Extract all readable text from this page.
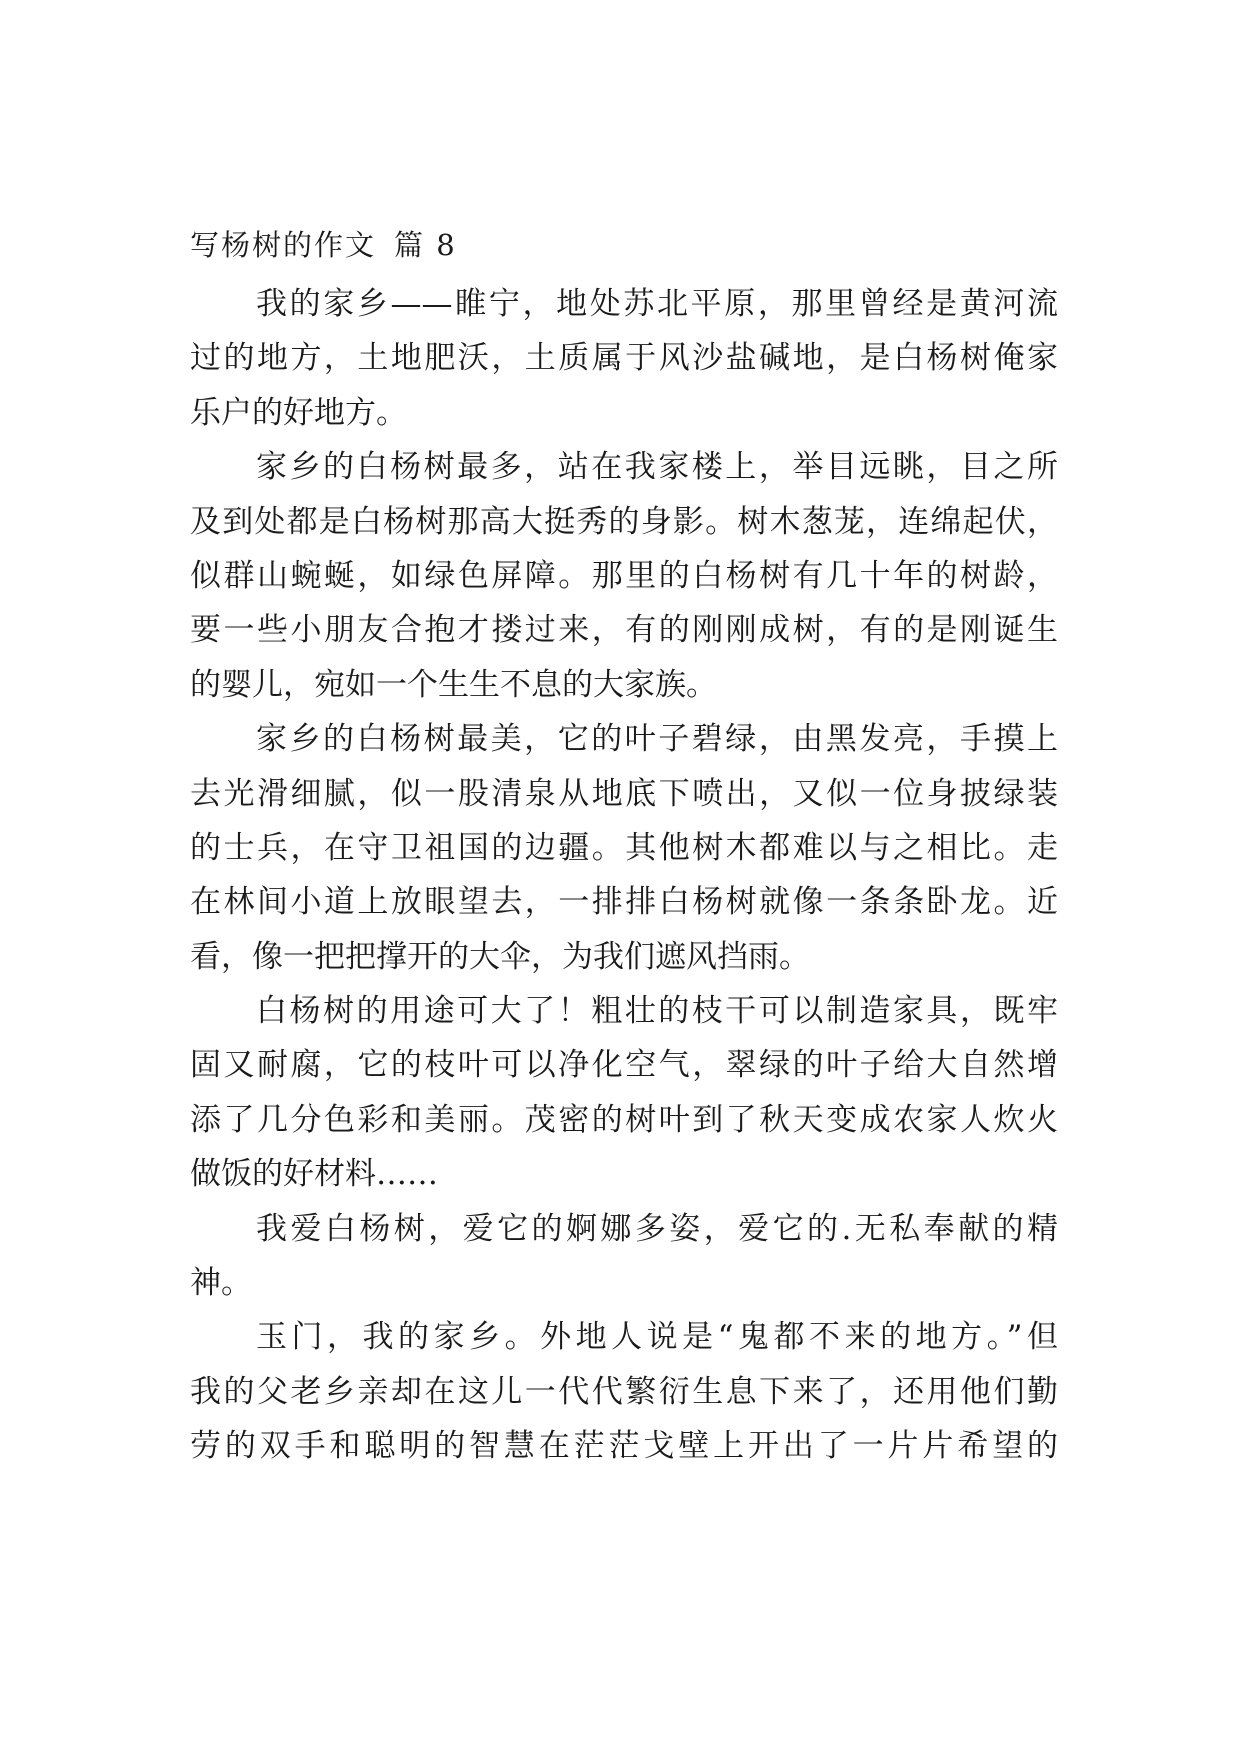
写杨树的作文 篇 8
我的家乡——睢宁，地处苏北平原，那里曾经是黄河流
过的地方，土地肥沃，土质属于风沙盐碱地，是白杨树俺家
乐户的好地方。
家乡的白杨树最多，站在我家楼上，举目远眺，目之所
及到处都是白杨树那高大挺秀的身影。树木葱茏，连绵起伏，
似群山蜿蜒，如绿色屏障。那里的白杨树有几十年的树龄，
要一些小朋友合抱才搂过来，有的刚刚成树，有的是刚诞生
的婴儿，宛如一个生生不息的大家族。
家乡的白杨树最美，它的叶子碧绿，由黑发亮，手摸上
去光滑细腻，似一股清泉从地底下喷出，又似一位身披绿装
的士兵，在守卫祖国的边疆。其他树木都难以与之相比。走
在林间小道上放眼望去，一排排白杨树就像一条条卧龙。近
看，像一把把撑开的大伞，为我们遮风挡雨。
白杨树的用途可大了！粗壮的枝干可以制造家具，既牢
固又耐腐，它的枝叶可以净化空气，翠绿的叶子给大自然增
添了几分色彩和美丽。茂密的树叶到了秋天变成农家人炊火
做饭的好材料……
我爱白杨树，爱它的婀娜多姿，爱它的.无私奉献的精
神。
玉门，我的家乡。外地人说是“鬼都不来的地方。”但
我的父老乡亲却在这儿一代代繁衍生息下来了，还用他们勤
劳的双手和聪明的智慧在茫茫戈壁上开出了一片片希望的
